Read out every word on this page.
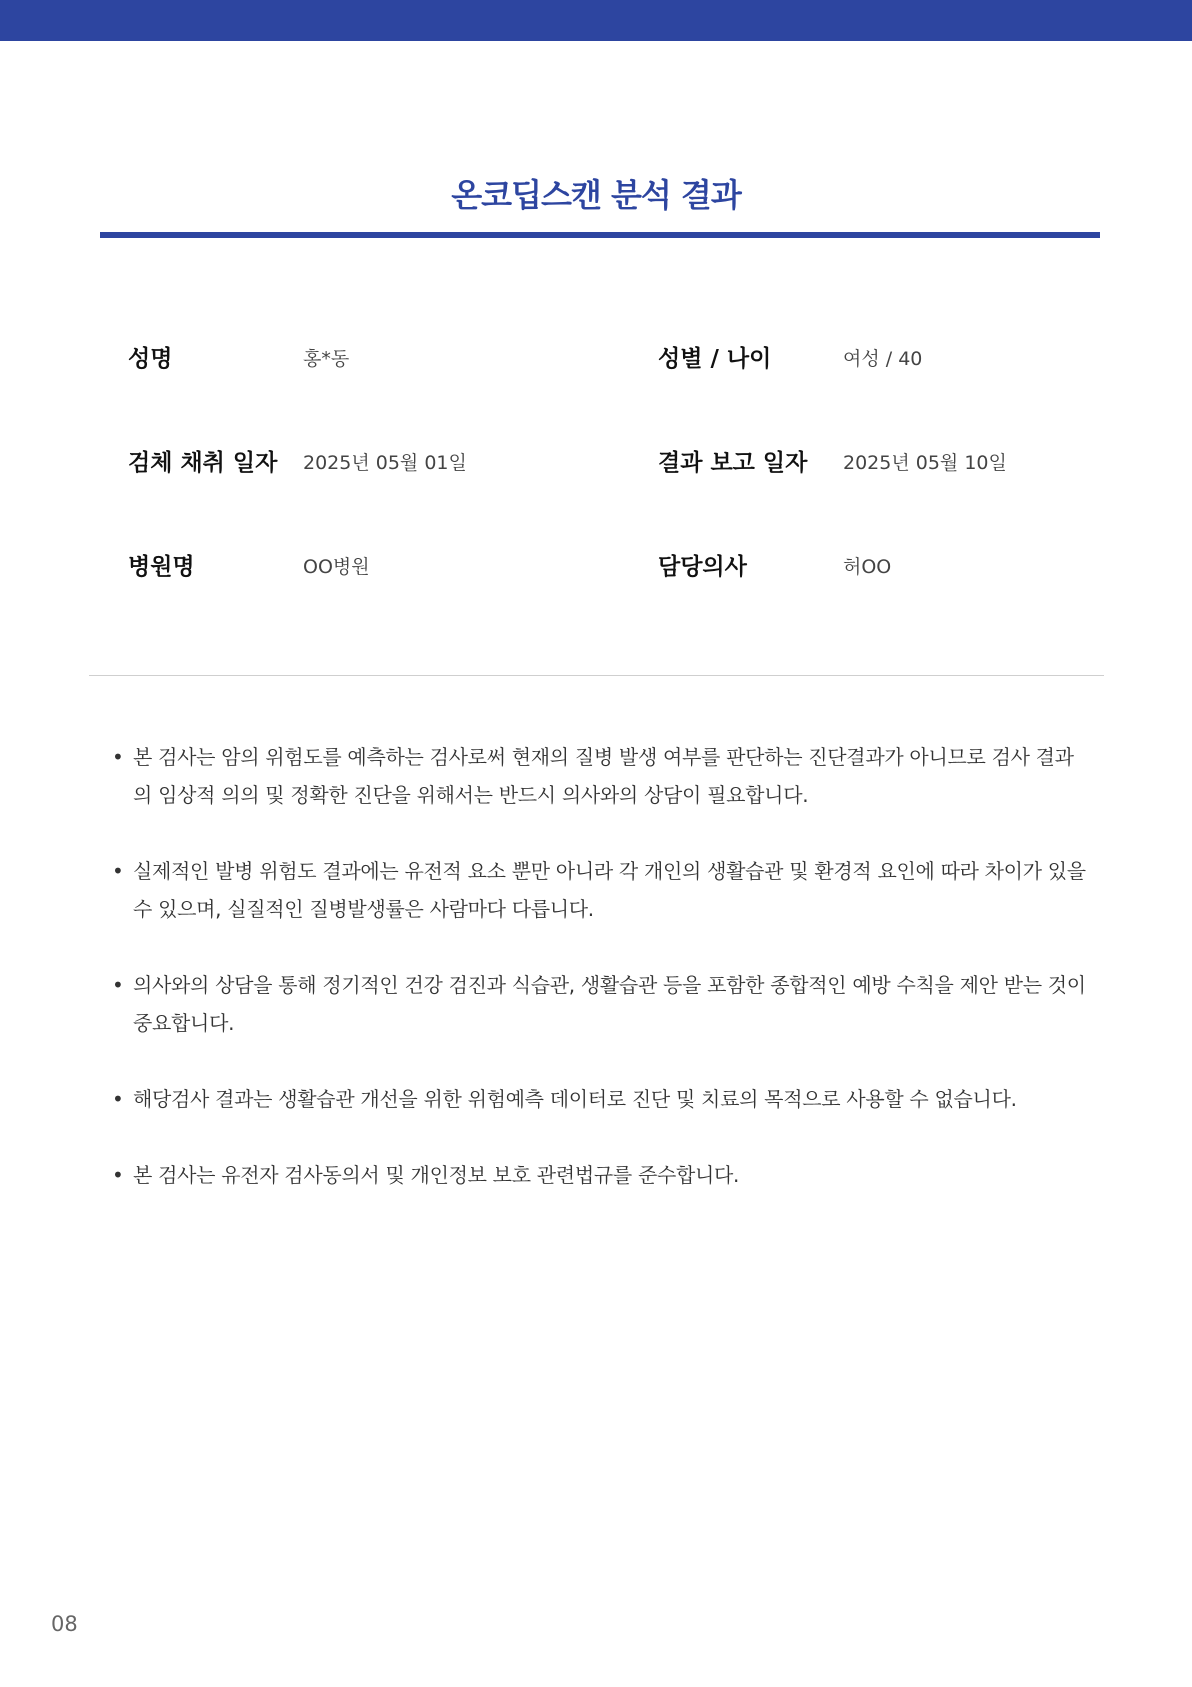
온코딥스캔 분석 결과
성명	홍*동	성별 / 나이	여성 / 40
검체 채취 일자 2025년 05월 01일	결과 보고 일자 2025년 05월 10일
병원명	OO병원	담당의사	허OO
• 본 검사는 암의 위험도를 예측하는 검사로써 현재의 질병 발생 여부를 판단하는 진단결과가 아니므로 검사 결과의 임상적 의의 및 정확한 진단을 위해서는 반드시 의사와의 상담이 필요합니다.
• 실제적인 발병 위험도 결과에는 유전적 요소 뿐만 아니라 각 개인의 생활습관 및 환경적 요인에 따라 차이가 있을 수 있으며, 실질적인 질병발생률은 사람마다 다릅니다.
• 의사와의 상담을 통해 정기적인 건강 검진과 식습관, 생활습관 등을 포함한 종합적인 예방 수칙을 제안 받는 것이 중요합니다.
• 해당검사 결과는 생활습관 개선을 위한 위험예측 데이터로 진단 및 치료의 목적으로 사용할 수 없습니다.
• 본 검사는 유전자 검사동의서 및 개인정보 보호 관련법규를 준수합니다.
08
